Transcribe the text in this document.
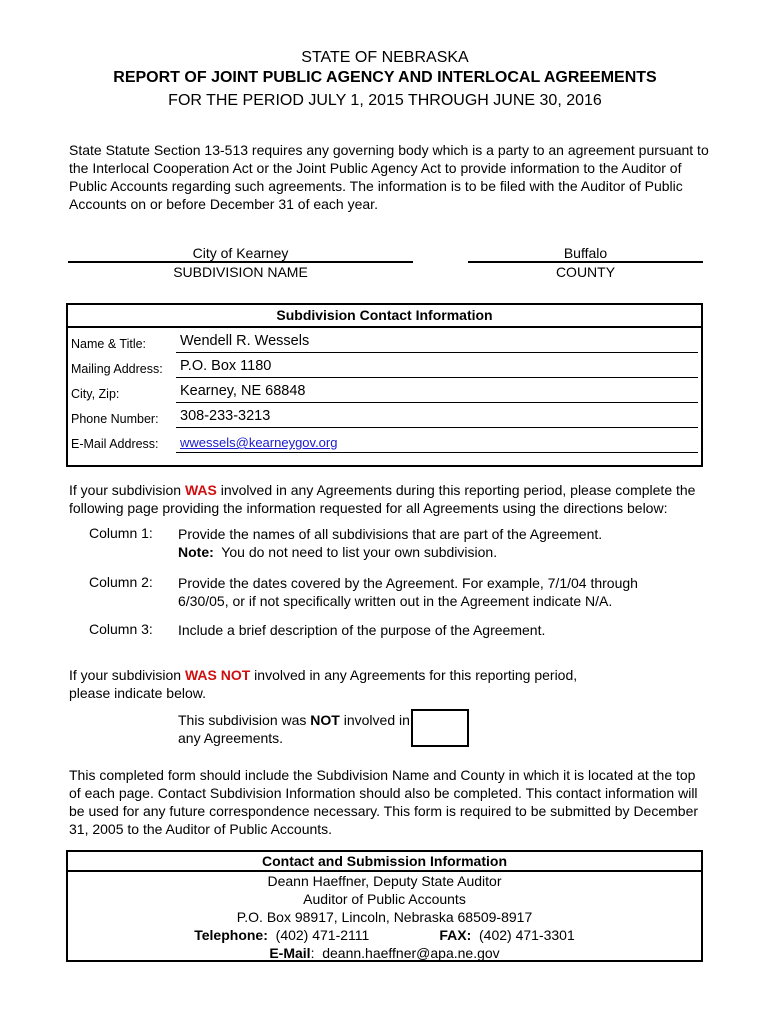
STATE OF NEBRASKA
REPORT OF JOINT PUBLIC AGENCY AND INTERLOCAL AGREEMENTS
FOR THE PERIOD JULY 1, 2015 THROUGH JUNE 30, 2016
State Statute Section 13-513 requires any governing body which is a party to an agreement pursuant to the Interlocal Cooperation Act or the Joint Public Agency Act to provide information to the Auditor of Public Accounts regarding such agreements. The information is to be filed with the Auditor of Public Accounts on or before December 31 of each year.
City of Kearney
SUBDIVISION NAME
Buffalo
COUNTY
Subdivision Contact Information
Name & Title: Wendell R. Wessels
Mailing Address: P.O. Box 1180
City, Zip:	Kearney, NE 68848
Phone Number: 308-233-3213
E-Mail Address: wwessels@kearneygov.org
If your subdivision WAS involved in any Agreements during this reporting period, please complete the following page providing the information requested for all Agreements using the directions below:
Column 1: Provide the names of all subdivisions that are part of the Agreement.
Note:  You do not need to list your own subdivision.
Column 2: Provide the dates covered by the Agreement. For example, 7/1/04 through 6/30/05, or if not specifically written out in the Agreement indicate N/A.
Column 3: Include a brief description of the purpose of the Agreement.
If your subdivision WAS NOT involved in any Agreements for this reporting period, please indicate below.
This subdivision was NOT involved in any Agreements.
This completed form should include the Subdivision Name and County in which it is located at the top of each page. Contact Subdivision Information should also be completed. This contact information will be used for any future correspondence necessary. This form is required to be submitted by December 31, 2005 to the Auditor of Public Accounts.
Contact and Submission Information
Deann Haeffner, Deputy State Auditor
Auditor of Public Accounts
P.O. Box 98917, Lincoln, Nebraska 68509-8917
Telephone: (402) 471-2111	FAX: (402) 471-3301
E-Mail:  deann.haeffner@apa.ne.gov
